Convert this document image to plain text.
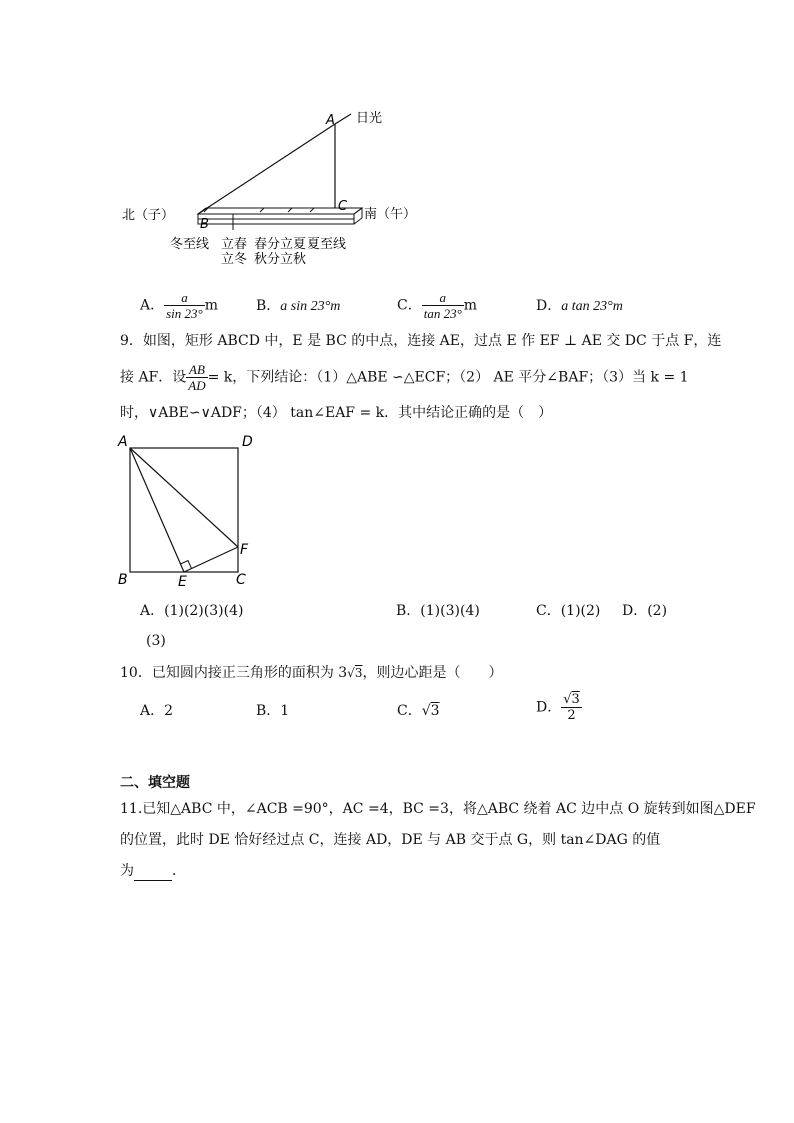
A
B
C
日光
北（子）	南（午）
冬至线 立春
立冬
春分
秋分
立夏
立秋
夏至线
A． $\frac{a}{\sin 23^\circ}$ m	B．a sin 23°m	C． $\frac{a}{\tan 23^\circ}$ m	D．a tan 23°m
9．如图，矩形 ABCD 中，E 是 BC 的中点，连接 AE，过点 E 作 EF ⊥ AE 交 DC 于点 F，连
接 AF．设 $\frac{AB}{AD} = k$，下列结论：（1）△ABE ∽△ECF；（2） AE 平分∠BAF；（3）当 k = 1
时，∨ABE∽∨ADF；（4） tan∠EAF = k．其中结论正确的是（　）
A	D
B	E	C
F
A．(1)(2)(3)(4)	B．(1)(3)(4)	C．(1)(2) D．(2)
(3)
10．已知圆内接正三角形的面积为 3√3，则边心距是（　　）
A．2	B．1	C．√3	D． $\frac{√3}{2}$
二、填空题
11.已知△ABC 中，∠ACB =90°，AC =4，BC =3，将△ABC 绕着 AC 边中点 O 旋转到如图△DEF
的位置，此时 DE 恰好经过点 C，连接 AD，DE 与 AB 交于点 G，则 tan∠DAG 的值
为	．
